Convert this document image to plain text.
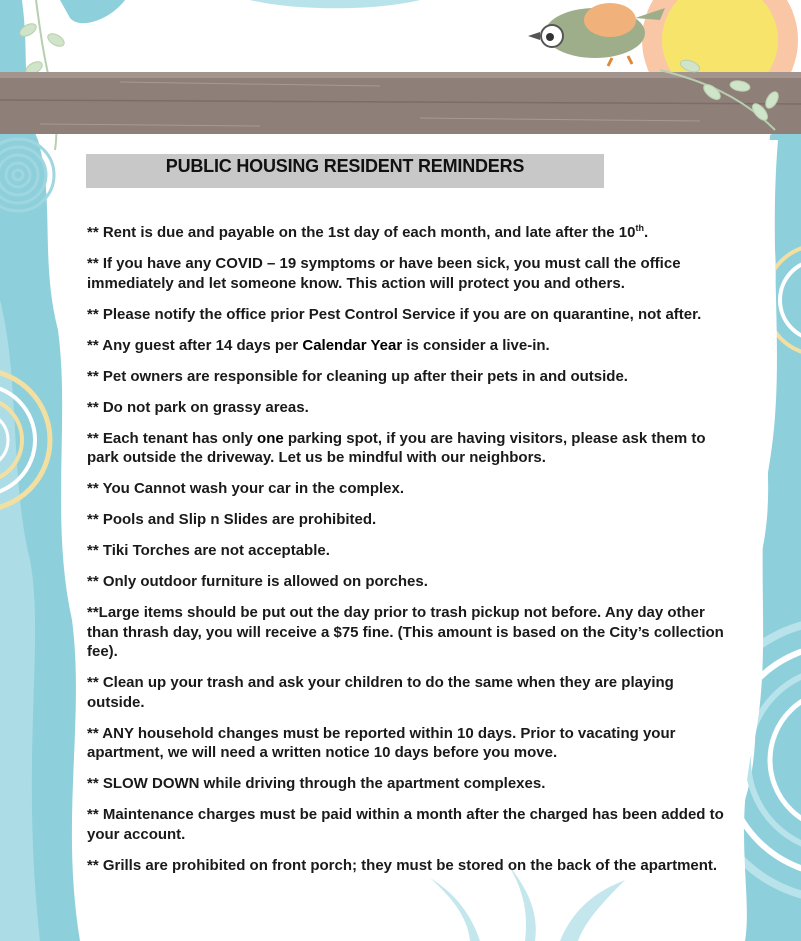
PUBLIC HOUSING RESIDENT REMINDERS

** Rent is due and payable on the 1st day of each month, and late after the 10th.

** If you have any COVID – 19 symptoms or have been sick, you must call the office immediately and let someone know. This action will protect you and others.

** Please notify the office prior Pest Control Service if you are on quarantine, not after.

** Any guest after 14 days per Calendar Year is consider a live-in.

** Pet owners are responsible for cleaning up after their pets in and outside.

** Do not park on grassy areas.

** Each tenant has only one parking spot, if you are having visitors, please ask them to park outside the driveway. Let us be mindful with our neighbors.

** You Cannot wash your car in the complex.

** Pools and Slip n Slides are prohibited.

** Tiki Torches are not acceptable.

** Only outdoor furniture is allowed on porches.

**Large items should be put out the day prior to trash pickup not before. Any day other than thrash day, you will receive a $75 fine. (This amount is based on the City’s collection fee).

** Clean up your trash and ask your children to do the same when they are playing outside.

** ANY household changes must be reported within 10 days. Prior to vacating your apartment, we will need a written notice 10 days before you move.

** SLOW DOWN while driving through the apartment complexes.

** Maintenance charges must be paid within a month after the charged has been added to your account.

** Grills are prohibited on front porch; they must be stored on the back of the apartment.
